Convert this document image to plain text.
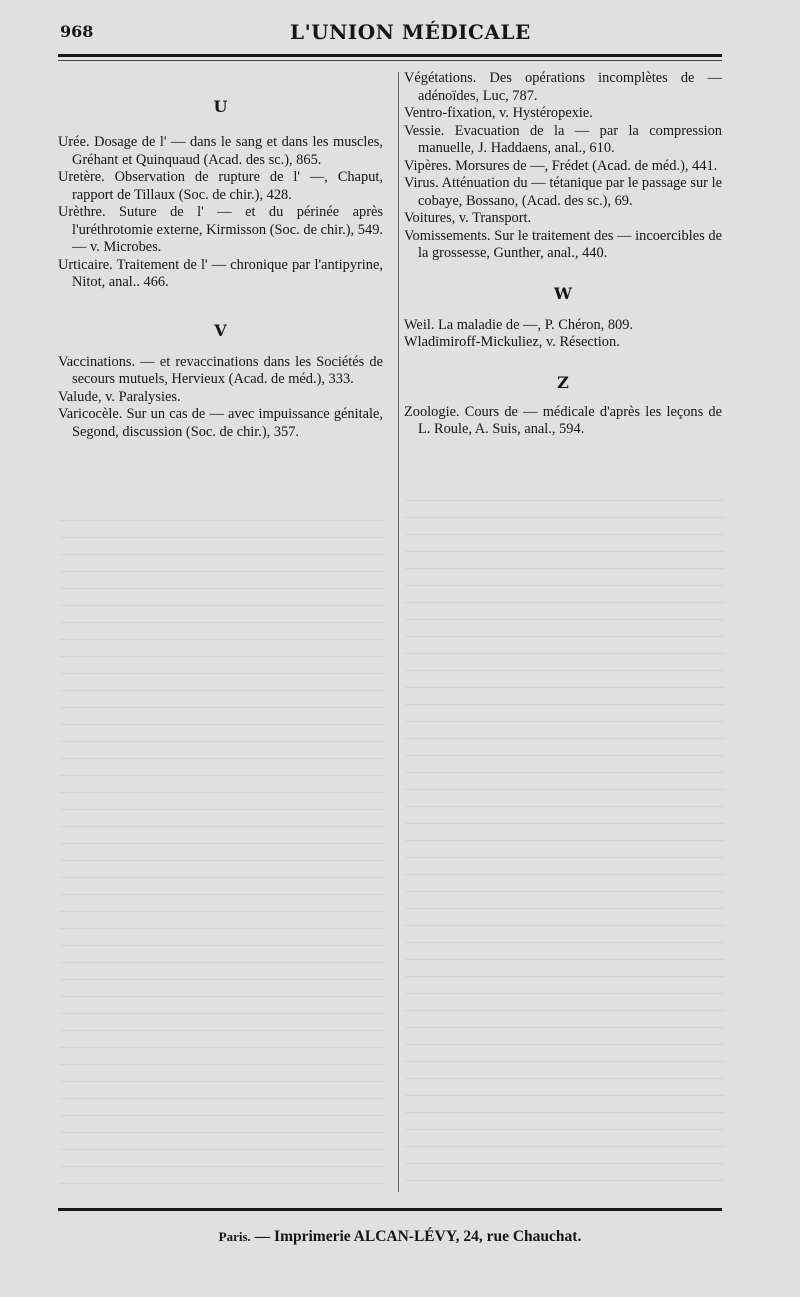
968	L'UNION MÉDICALE

U

Urée. Dosage de l' — dans le sang et dans les muscles, Gréhant et Quinquaud (Acad. des sc.), 865.

Uretère. Observation de rupture de l' —, Chaput, rapport de Tillaux (Soc. de chir.), 428.

Urèthre. Suture de l' — et du périnée après l'uréthrotomie externe, Kirmisson (Soc. de chir.), 549. — v. Microbes.

Urticaire. Traitement de l' — chronique par l'antipyrine, Nitot, anal.. 466.

V

Vaccinations. — et revaccinations dans les Sociétés de secours mutuels, Hervieux (Acad. de méd.), 333.

Valude, v. Paralysies.

Varicocèle. Sur un cas de — avec impuissance génitale, Segond, discussion (Soc. de chir.), 357.

Végétations. Des opérations incomplètes de — adénoïdes, Luc, 787.

Ventro-fixation, v. Hystéropexie.

Vessie. Evacuation de la — par la compression manuelle, J. Haddaens, anal., 610.

Vipères. Morsures de —, Frédet (Acad. de méd.), 441.

Virus. Atténuation du — tétanique par le passage sur le cobaye, Bossano, (Acad. des sc.), 69.

Voitures, v. Transport.

Vomissements. Sur le traitement des — incoercibles de la grossesse, Gunther, anal., 440.

W

Weil. La maladie de —, P. Chéron, 809.

Wladimiroff-Mickuliez, v. Résection.

Z

Zoologie. Cours de — médicale d'après les leçons de L. Roule, A. Suis, anal., 594.

Paris. — Imprimerie ALCAN-LÉVY, 24, rue Chauchat.
